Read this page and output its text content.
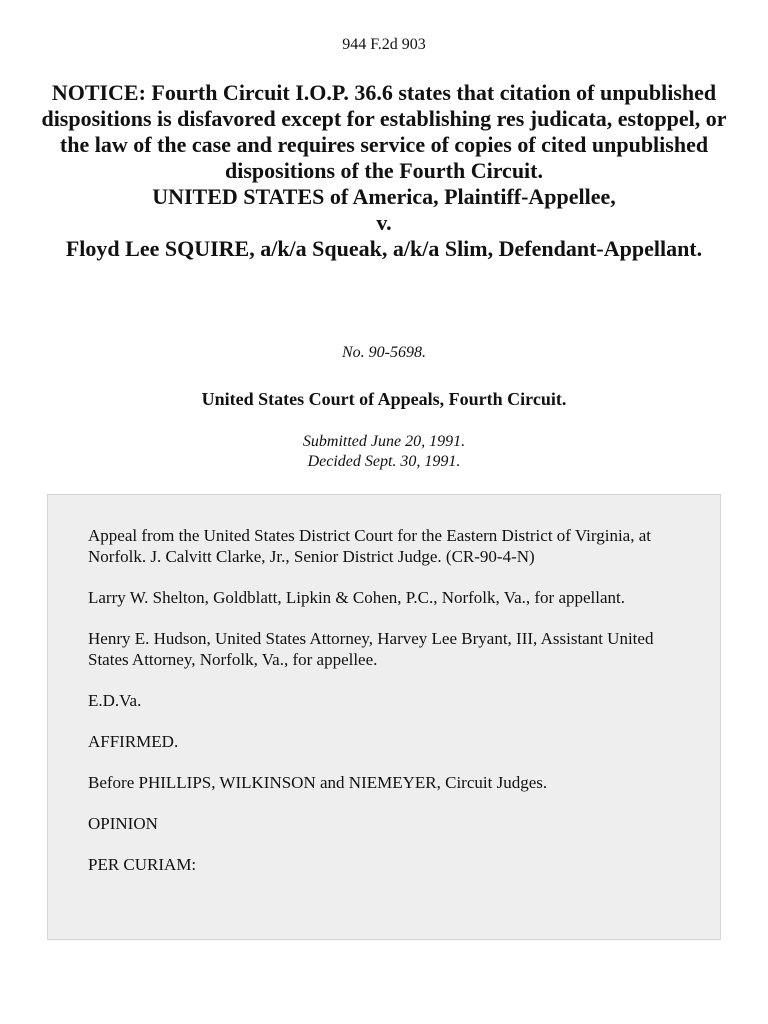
944 F.2d 903
NOTICE: Fourth Circuit I.O.P. 36.6 states that citation of unpublished dispositions is disfavored except for establishing res judicata, estoppel, or the law of the case and requires service of copies of cited unpublished dispositions of the Fourth Circuit.
UNITED STATES of America, Plaintiff-Appellee,
v.
Floyd Lee SQUIRE, a/k/a Squeak, a/k/a Slim, Defendant-Appellant.
No. 90-5698.
United States Court of Appeals, Fourth Circuit.
Submitted June 20, 1991.
Decided Sept. 30, 1991.

Appeal from the United States District Court for the Eastern District of Virginia, at Norfolk. J. Calvitt Clarke, Jr., Senior District Judge. (CR-90-4-N)

Larry W. Shelton, Goldblatt, Lipkin & Cohen, P.C., Norfolk, Va., for appellant.

Henry E. Hudson, United States Attorney, Harvey Lee Bryant, III, Assistant United States Attorney, Norfolk, Va., for appellee.

E.D.Va.

AFFIRMED.

Before PHILLIPS, WILKINSON and NIEMEYER, Circuit Judges.

OPINION

PER CURIAM:
